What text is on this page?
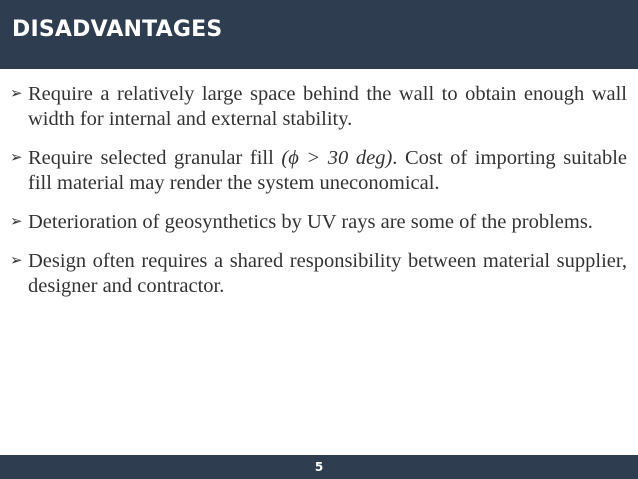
DISADVANTAGES
➢ Require a relatively large space behind the wall to obtain enough wall width for internal and external stability.
➢ Require selected granular fill (ϕ > 30 deg). Cost of importing suitable fill material may render the system uneconomical.
➢ Deterioration of geosynthetics by UV rays are some of the problems.
➢ Design often requires a shared responsibility between material supplier, designer and contractor.
5
